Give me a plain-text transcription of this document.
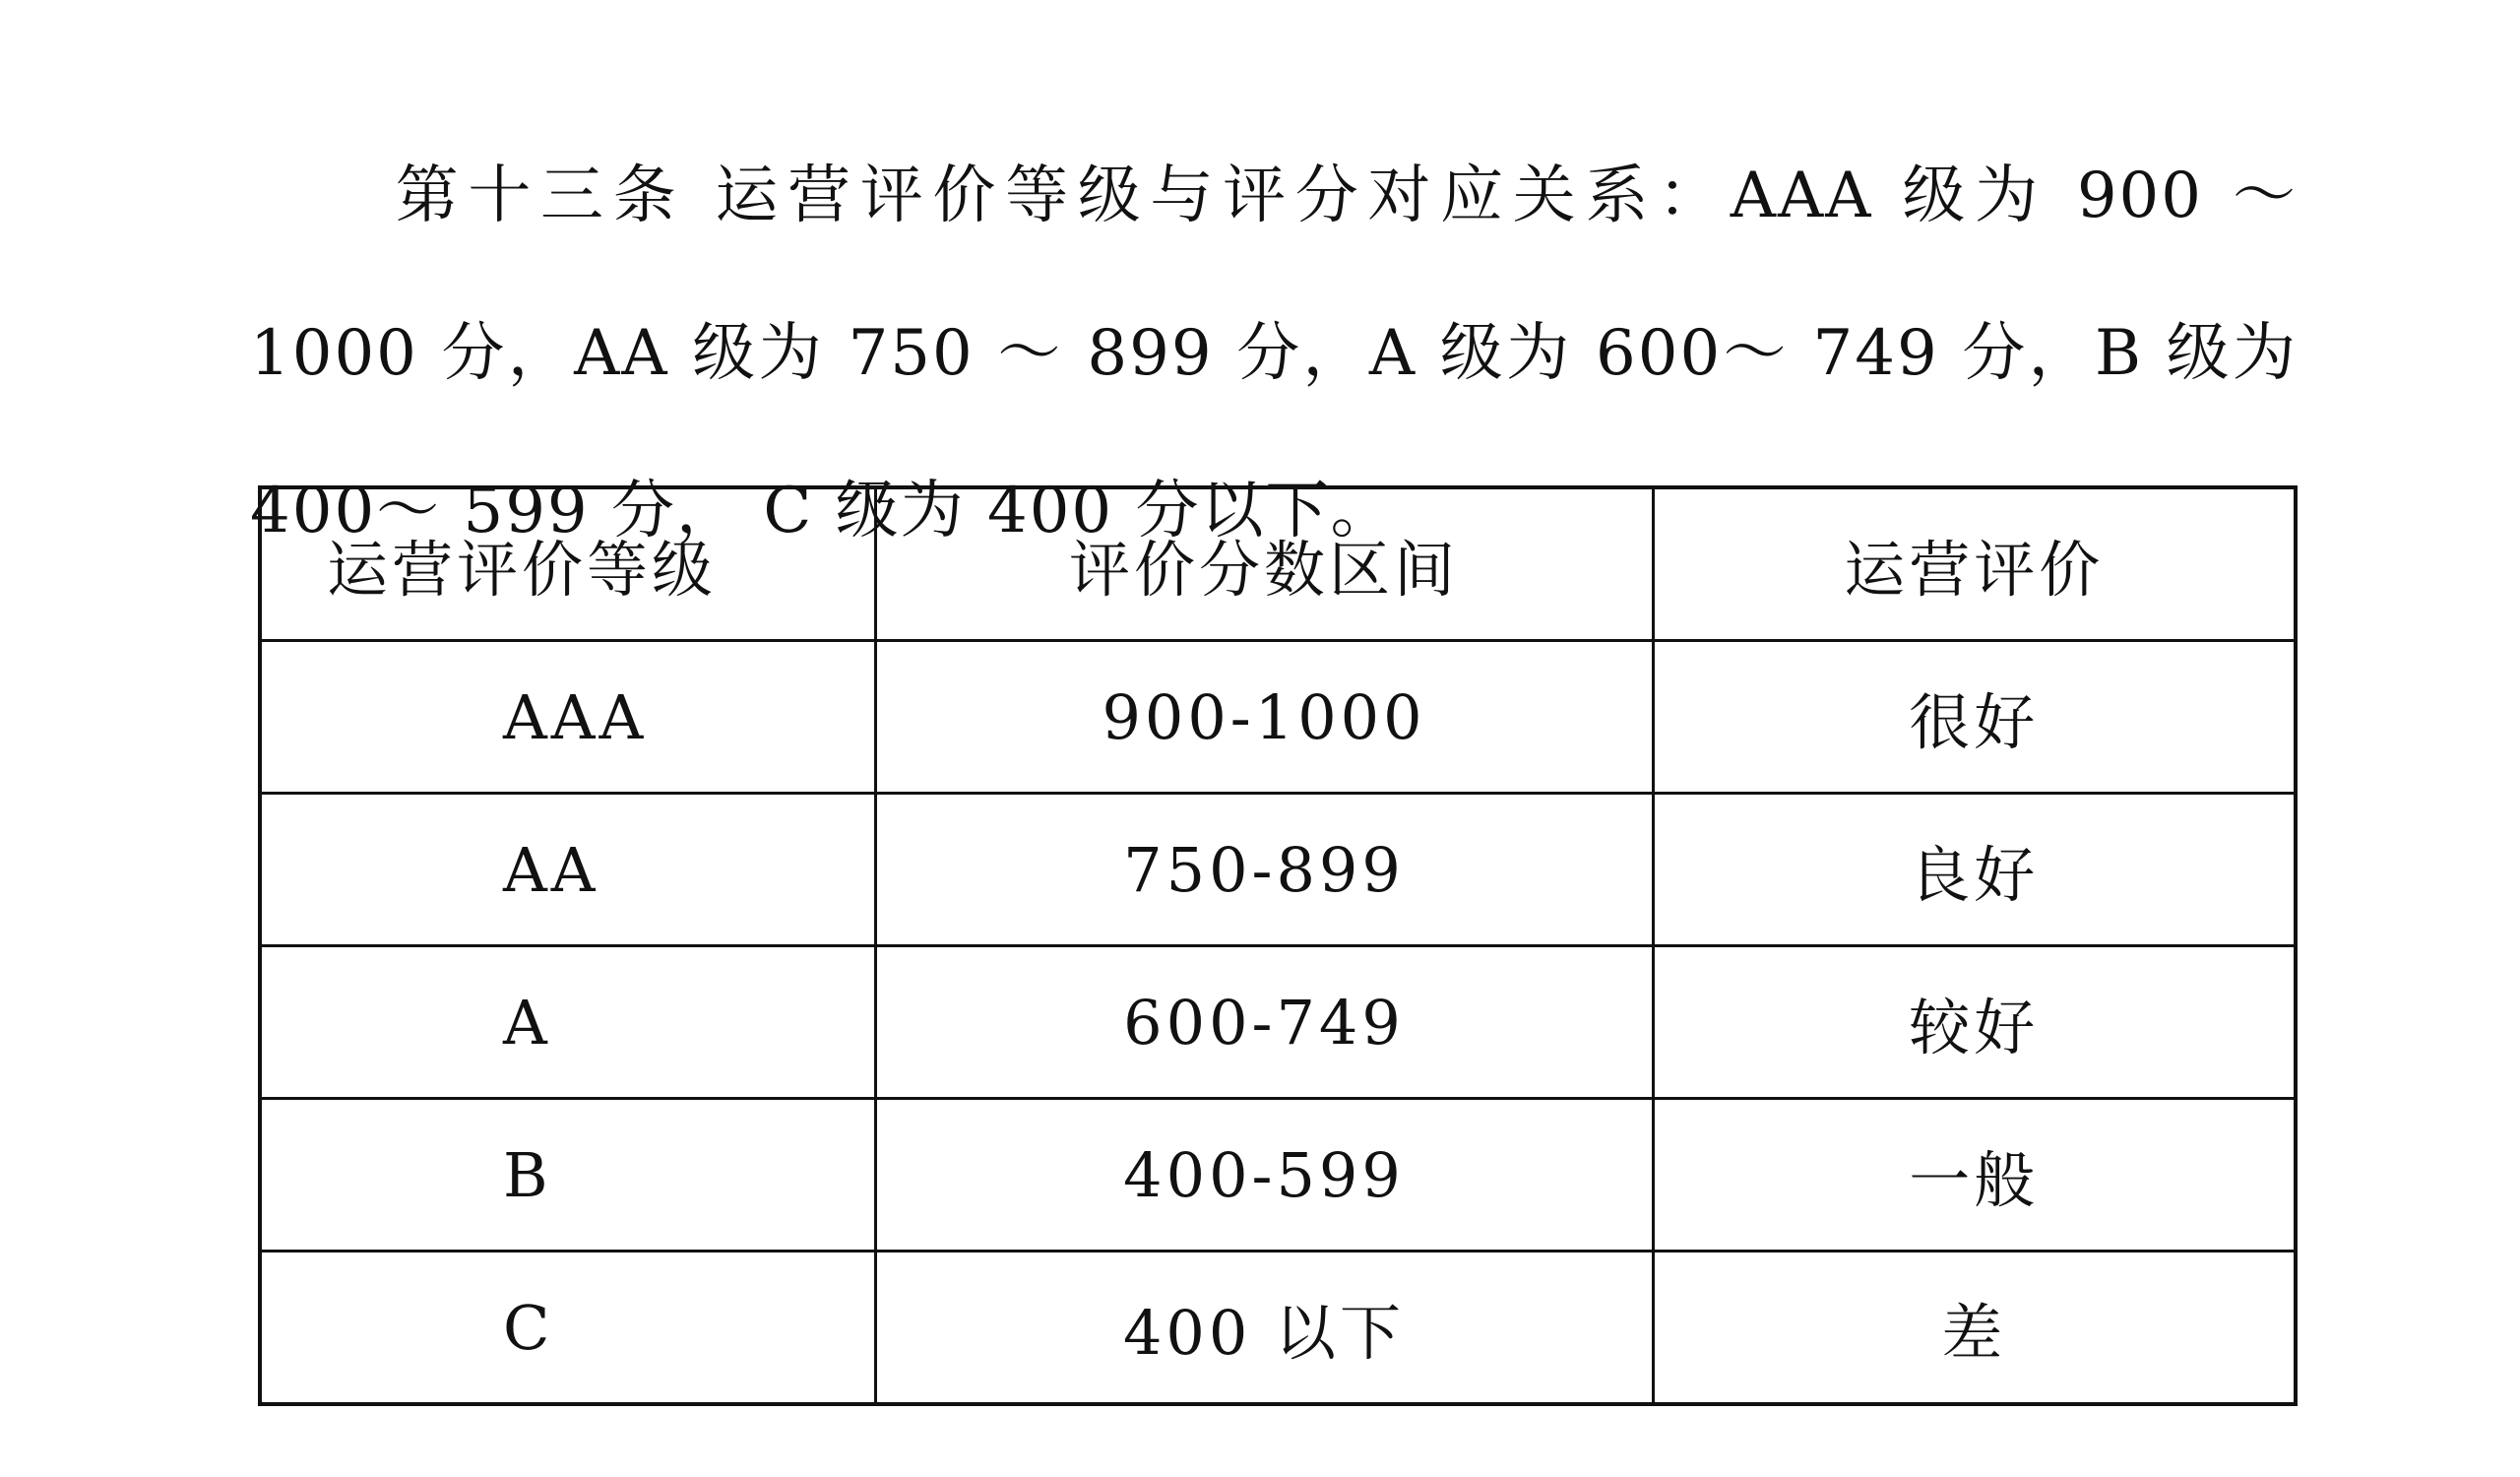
第十三条 运营评价等级与评分对应关系：AAA 级为 900 ～ 1000 分，AA 级为 750 ～ 899 分，A 级为 600～ 749 分，B 级为 400～ 599 分， C 级为 400 分以下。

运营评价等级	评价分数区间	运营评价
AAA	900-1000	很好
AA	750-899	良好
A	600-749	较好
B	400-599	一般
C	400 以下	差
